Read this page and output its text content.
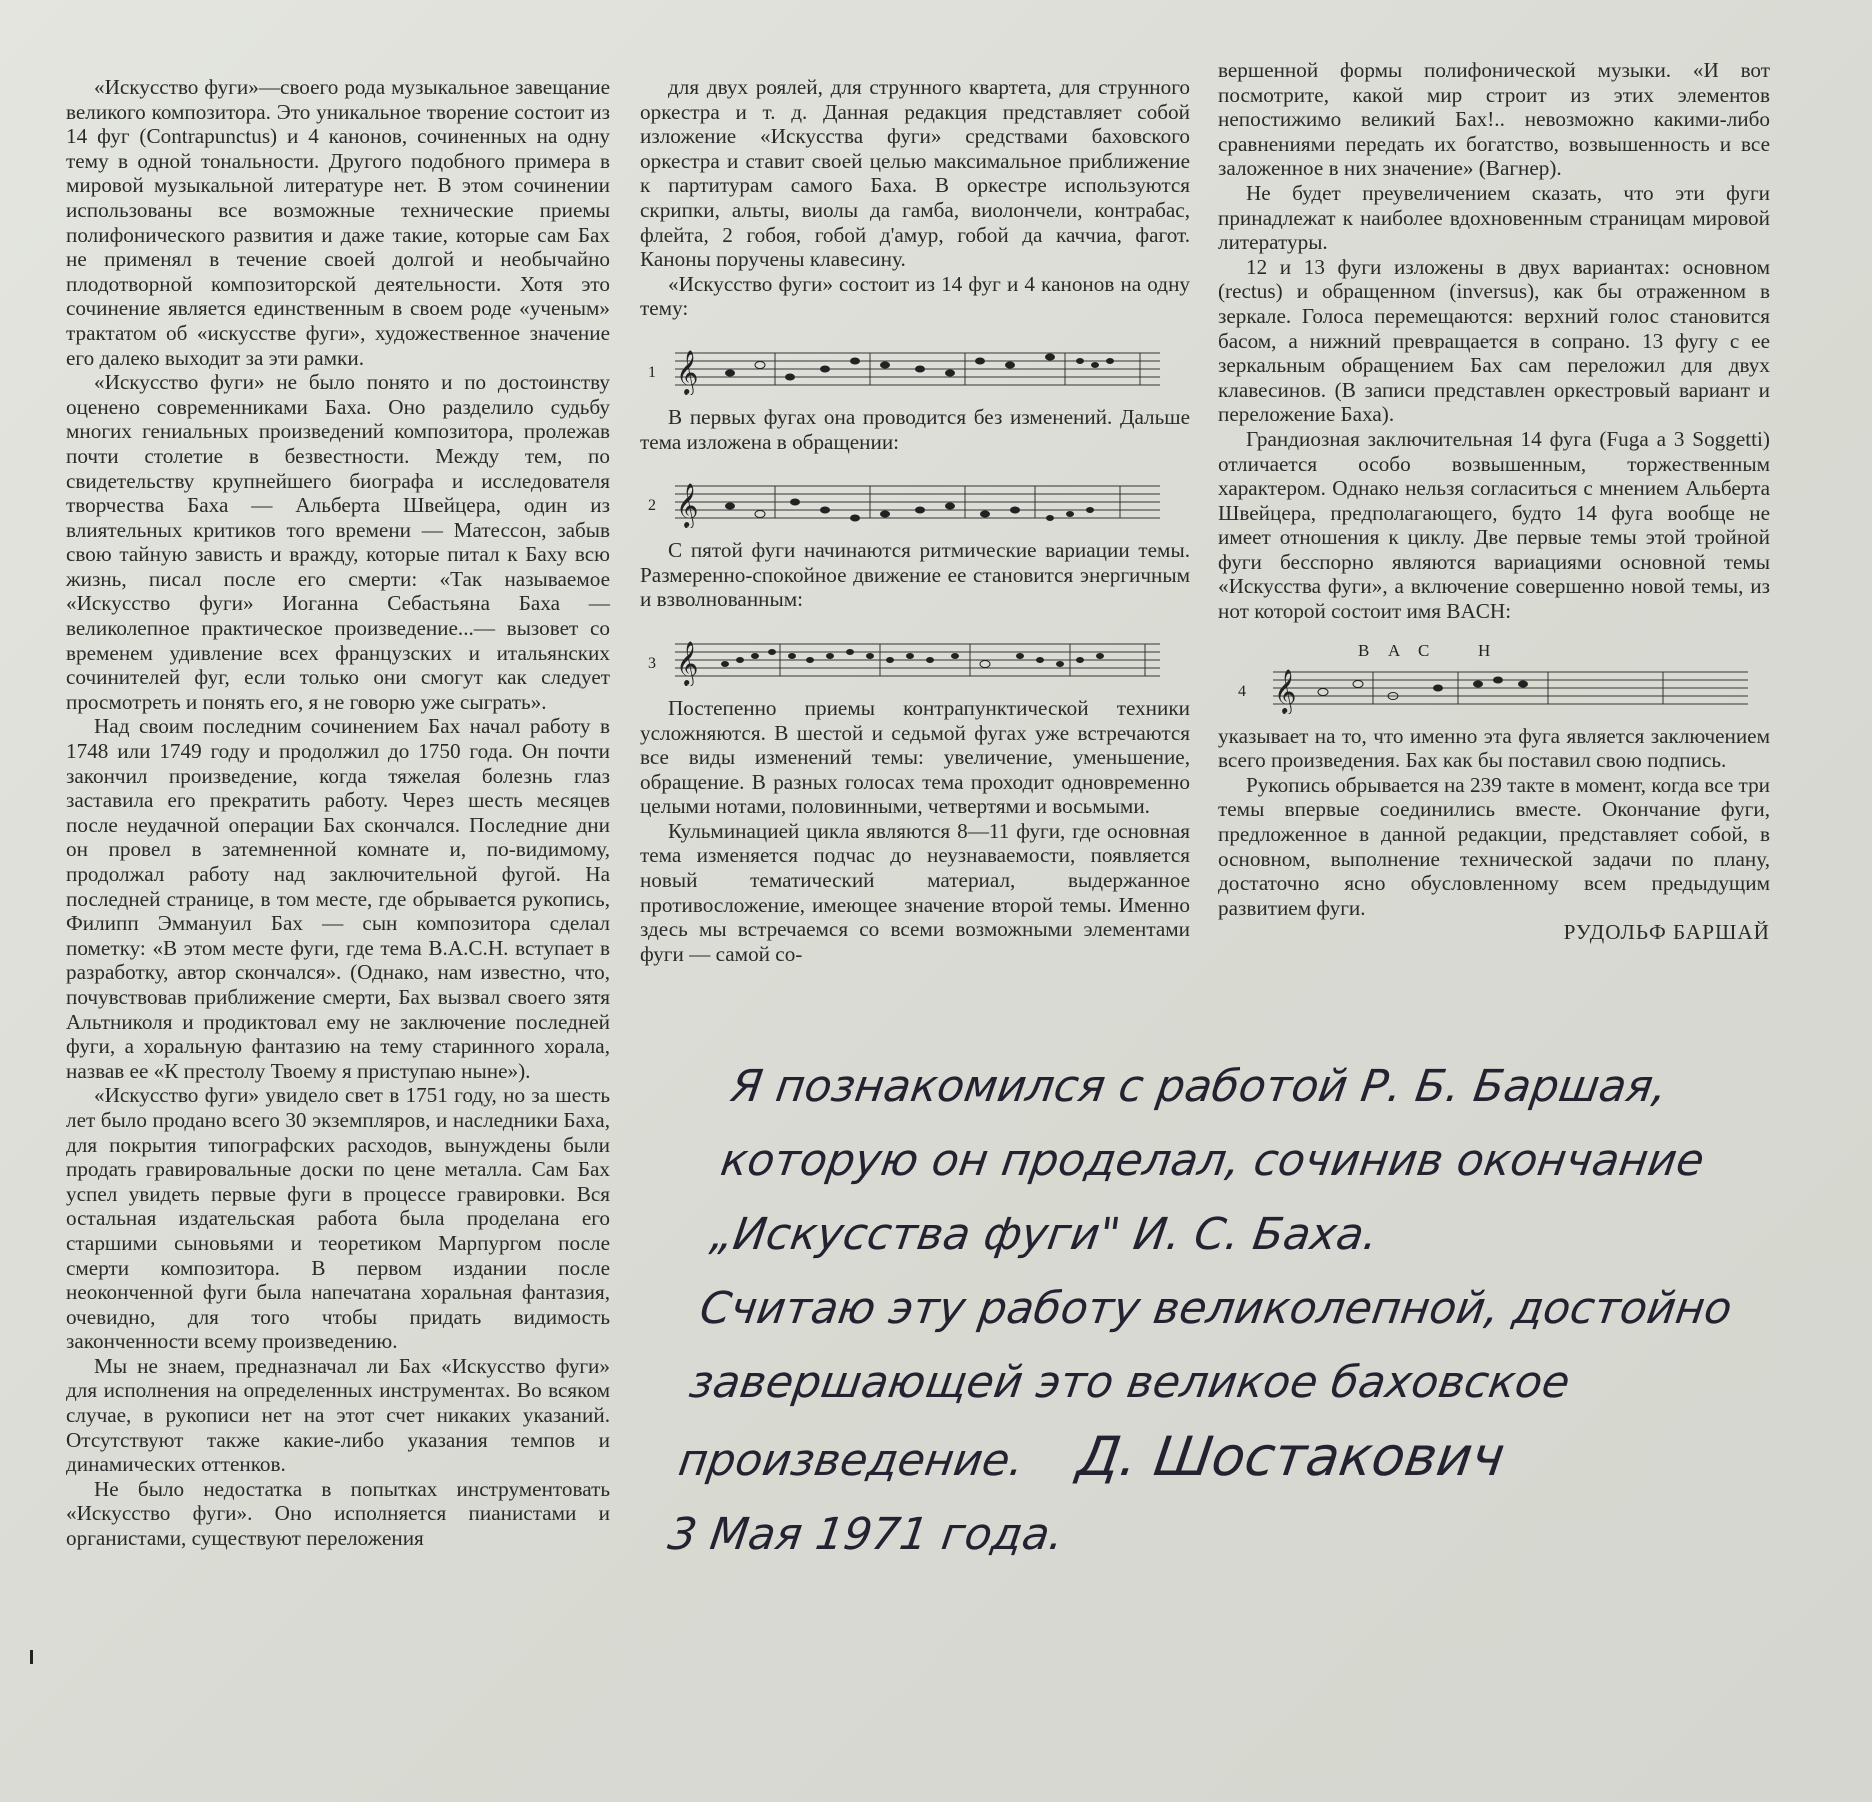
«Искусство фуги»—своего рода музыкальное завещание великого композитора. Это уникальное творение состоит из 14 фуг (Contrapunctus) и 4 канонов, сочиненных на одну тему в одной тональности. Другого подобного примера в мировой музыкальной литературе нет. В этом сочинении использованы все возможные технические приемы полифонического развития и даже такие, которые сам Бах не применял в течение своей долгой и необычайно плодотворной композиторской деятельности. Хотя это сочинение является единственным в своем роде «ученым» трактатом об «искусстве фуги», художественное значение его далеко выходит за эти рамки.

«Искусство фуги» не было понято и по достоинству оценено современниками Баха. Оно разделило судьбу многих гениальных произведений композитора, пролежав почти столетие в безвестности. Между тем, по свидетельству крупнейшего биографа и исследователя творчества Баха — Альберта Швейцера, один из влиятельных критиков того времени — Матессон, забыв свою тайную зависть и вражду, которые питал к Баху всю жизнь, писал после его смерти: «Так называемое «Искусство фуги» Иоганна Себастьяна Баха — великолепное практическое произведение...— вызовет со временем удивление всех французских и итальянских сочинителей фуг, если только они смогут как следует просмотреть и понять его, я не говорю уже сыграть».

Над своим последним сочинением Бах начал работу в 1748 или 1749 году и продолжил до 1750 года. Он почти закончил произведение, когда тяжелая болезнь глаз заставила его прекратить работу. Через шесть месяцев после неудачной операции Бах скончался. Последние дни он провел в затемненной комнате и, по-видимому, продолжал работу над заключительной фугой. На последней странице, в том месте, где обрывается рукопись, Филипп Эммануил Бах — сын композитора сделал пометку: «В этом месте фуги, где тема B.A.C.H. вступает в разработку, автор скончался». (Однако, нам известно, что, почувствовав приближение смерти, Бах вызвал своего зятя Альтниколя и продиктовал ему не заключение последней фуги, а хоральную фантазию на тему старинного хорала, назвав ее «К престолу Твоему я приступаю ныне»).

«Искусство фуги» увидело свет в 1751 году, но за шесть лет было продано всего 30 экземпляров, и наследники Баха, для покрытия типографских расходов, вынуждены были продать гравировальные доски по цене металла. Сам Бах успел увидеть первые фуги в процессе гравировки. Вся остальная издательская работа была проделана его старшими сыновьями и теоретиком Марпургом после смерти композитора. В первом издании после неоконченной фуги была напечатана хоральная фантазия, очевидно, для того чтобы придать видимость законченности всему произведению.

Мы не знаем, предназначал ли Бах «Искусство фуги» для исполнения на определенных инструментах. Во всяком случае, в рукописи нет на этот счет никаких указаний. Отсутствуют также какие-либо указания темпов и динамических оттенков.

Не было недостатка в попытках инструментовать «Искусство фуги». Оно исполняется пианистами и органистами, существуют переложения

для двух роялей, для струнного квартета, для струнного оркестра и т. д. Данная редакция представляет собой изложение «Искусства фуги» средствами баховского оркестра и ставит своей целью максимальное приближение к партитурам самого Баха. В оркестре используются скрипки, альты, виолы да гамба, виолончели, контрабас, флейта, 2 гобоя, гобой д'амур, гобой да каччиа, фагот. Каноны поручены клавесину.

«Искусство фуги» состоит из 14 фуг и 4 канонов на одну тему:

1 𝄞

В первых фугах она проводится без изменений. Дальше тема изложена в обращении:

2 𝄞

С пятой фуги начинаются ритмические вариации темы. Размеренно-спокойное движение ее становится энергичным и взволнованным:

3 𝄞

Постепенно приемы контрапунктической техники усложняются. В шестой и седьмой фугах уже встречаются все виды изменений темы: увеличение, уменьшение, обращение. В разных голосах тема проходит одновременно целыми нотами, половинными, четвертями и восьмыми.

Кульминацией цикла являются 8—11 фуги, где основная тема изменяется подчас до неузнаваемости, появляется новый тематический материал, выдержанное противосложение, имеющее значение второй темы. Именно здесь мы встречаемся со всеми возможными элементами фуги — самой со-

вершенной формы полифонической музыки. «И вот посмотрите, какой мир строит из этих элементов непостижимо великий Бах!.. невозможно какими-либо сравнениями передать их богатство, возвышенность и все заложенное в них значение» (Вагнер).

Не будет преувеличением сказать, что эти фуги принадлежат к наиболее вдохновенным страницам мировой литературы.

12 и 13 фуги изложены в двух вариантах: основном (rectus) и обращенном (inversus), как бы отраженном в зеркале. Голоса перемещаются: верхний голос становится басом, а нижний превращается в сопрано. 13 фугу с ее зеркальным обращением Бах сам переложил для двух клавесинов. (В записи представлен оркестровый вариант и переложение Баха).

Грандиозная заключительная 14 фуга (Fuga a 3 Soggetti) отличается особо возвышенным, торжественным характером. Однако нельзя согласиться с мнением Альберта Швейцера, предполагающего, будто 14 фуга вообще не имеет отношения к циклу. Две первые темы этой тройной фуги бесспорно являются вариациями основной темы «Искусства фуги», а включение совершенно новой темы, из нот которой состоит имя BACH:

B A C	H
4 𝄞

указывает на то, что именно эта фуга является заключением всего произведения. Бах как бы поставил свою подпись.

Рукопись обрывается на 239 такте в момент, когда все три темы впервые соединились вместе. Окончание фуги, предложенное в данной редакции, представляет собой, в основном, выполнение технической задачи по плану, достаточно ясно обусловленному всем предыдущим развитием фуги.

РУДОЛЬФ БАРШАЙ

Я познакомился с работой Р. Б. Баршая,
которую он проделал, сочинив окончание
„Искусства фуги" И. С. Баха.
Считаю эту работу великолепной, достойно
завершающей это великое баховское
произведение. Д. Шостакович
3 Мая 1971 года.
